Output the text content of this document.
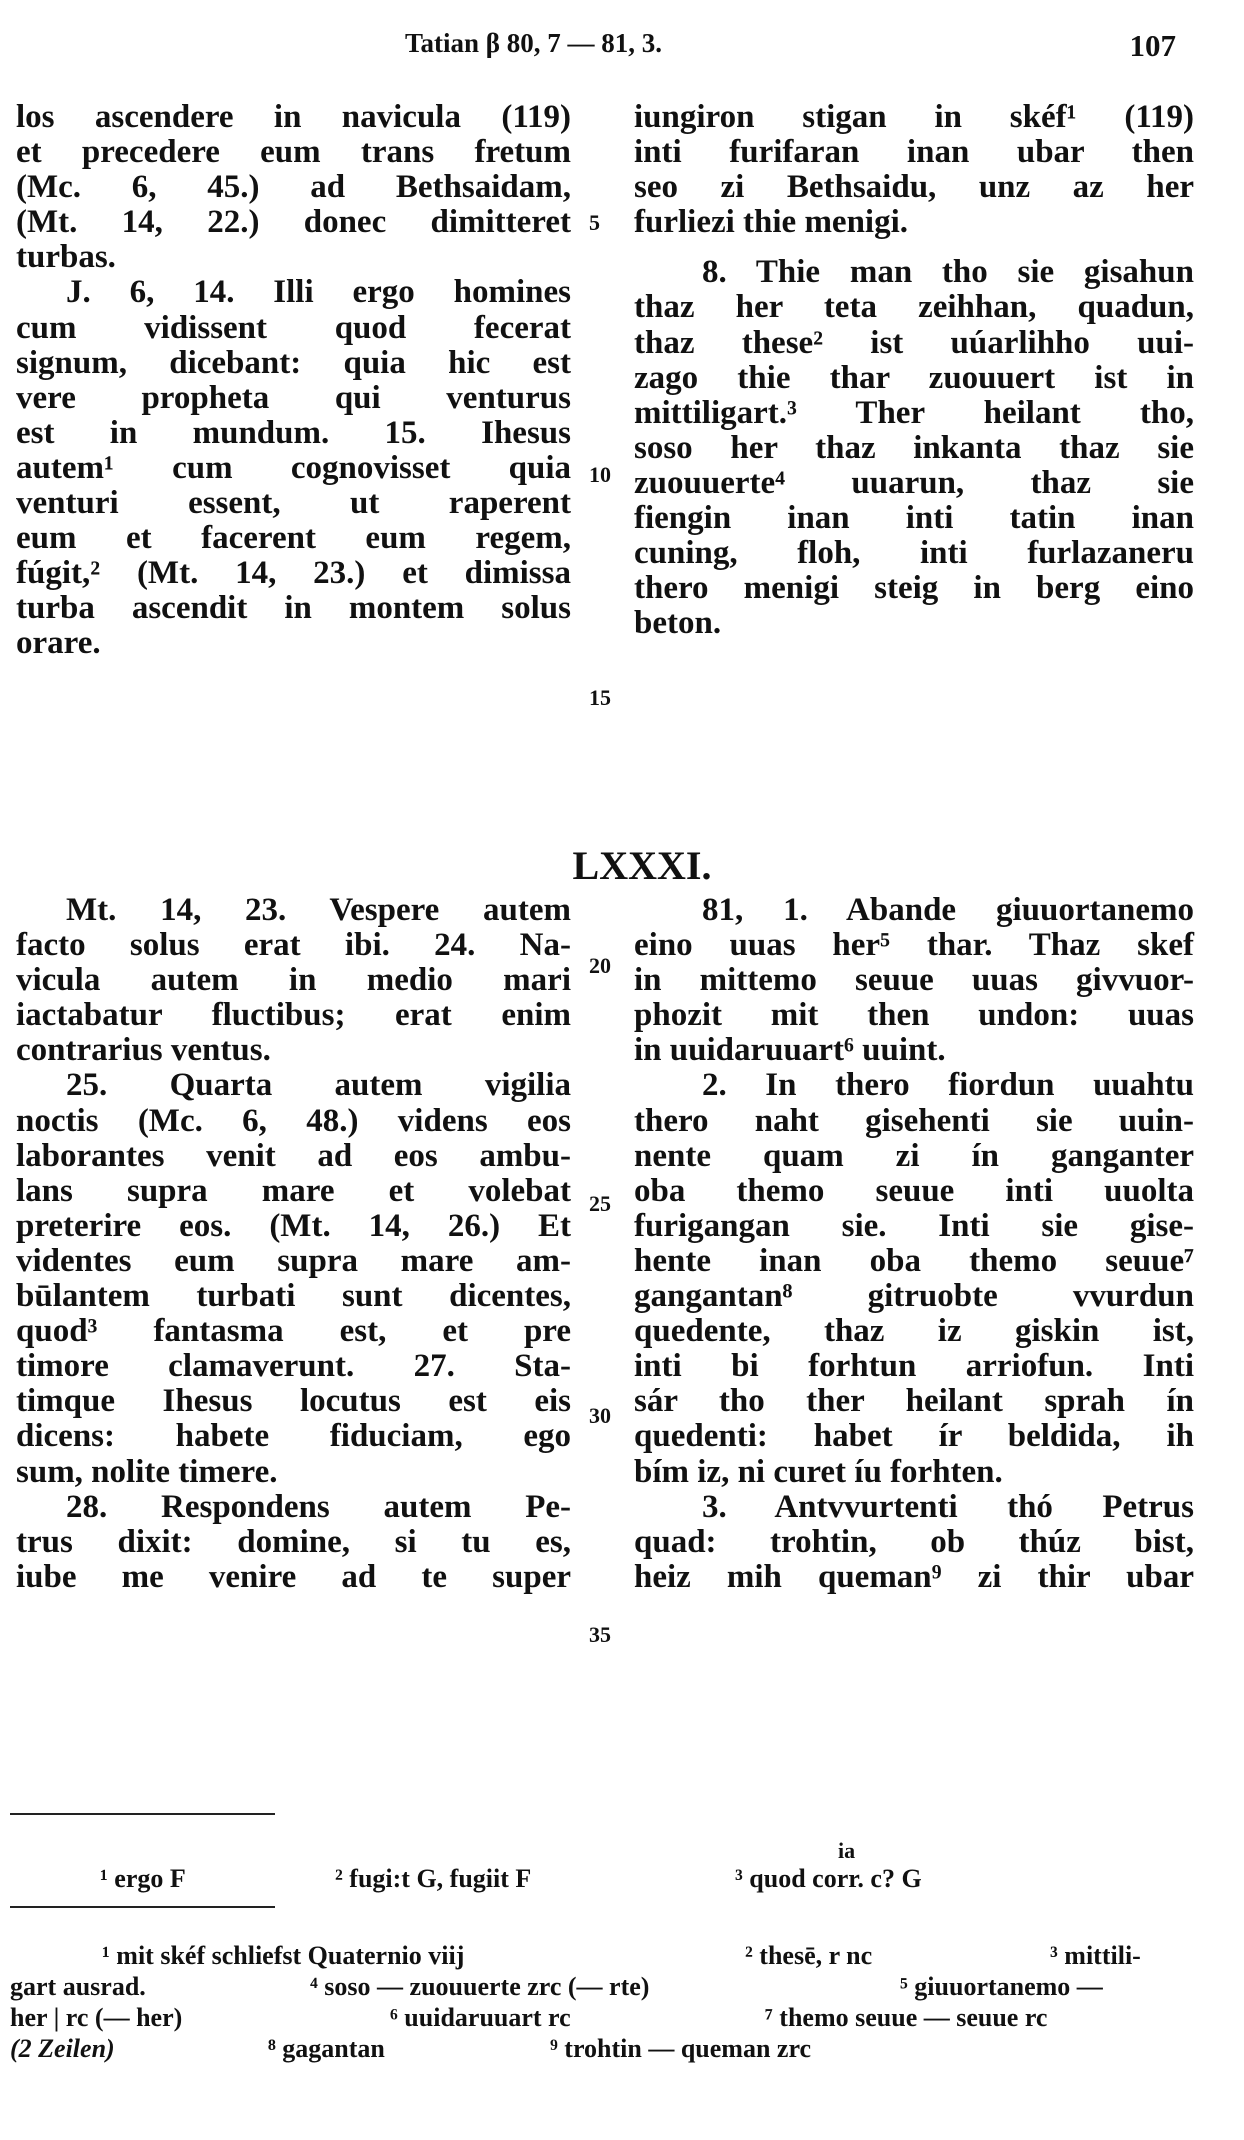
Tatian β 80, 7 — 81, 3.	107
los ascendere in navicula (119)
et precedere eum trans fretum
(Mc. 6, 45.) ad Bethsaidam,
(Mt. 14, 22.) donec dimitteret
turbas.
J. 6, 14. Illi ergo homines
cum vidissent quod fecerat
signum, dicebant: quia hic est
vere propheta qui venturus
est in mundum. 15. Ihesus
autem¹ cum cognovisset quia
venturi essent, ut raperent
eum et facerent eum regem,
fúgit,² (Mt. 14, 23.) et dimissa
turba ascendit in montem solus
orare.
iungiron stigan in skéf¹ (119)
inti furifaran inan ubar then
seo zi Bethsaidu, unz az her
furliezi thie menigi.
8. Thie man tho sie gisahun
thaz her teta zeihhan, quadun,
thaz these² ist uúarlihho uui-
zago thie thar zuouuert ist in
mittiligart.³ Ther heilant tho,
soso her thaz inkanta thaz sie
zuouuerte⁴ uuarun, thaz sie
fiengin inan inti tatin inan
cuning, floh, inti furlazaneru
thero menigi steig in berg eino
beton.
5
10
15
20
25
30
35
LXXXI.
Mt. 14, 23. Vespere autem
facto solus erat ibi. 24. Na-
vicula autem in medio mari
iactabatur fluctibus; erat enim
contrarius ventus.
25. Quarta autem vigilia
noctis (Mc. 6, 48.) videns eos
laborantes venit ad eos ambu-
lans supra mare et volebat
preterire eos. (Mt. 14, 26.) Et
videntes eum supra mare am-
būlantem turbati sunt dicentes,
quod³ fantasma est, et pre
timore clamaverunt. 27. Sta-
timque Ihesus locutus est eis
dicens: habete fiduciam, ego
sum, nolite timere.
28. Respondens autem Pe-
trus dixit: domine, si tu es,
iube me venire ad te super
81, 1. Abande giuuortanemo
eino uuas her⁵ thar. Thaz skef
in mittemo seuue uuas givvuor-
phozit mit then undon: uuas
in uuidaruuart⁶ uuint.
2. In thero fiordun uuahtu
thero naht gisehenti sie uuin-
nente quam zi ín ganganter
oba themo seuue inti uuolta
furigangan sie. Inti sie gise-
hente inan oba themo seuue⁷
gangantan⁸ gitruobte vvurdun
quedente, thaz iz giskin ist,
inti bi forhtun arriofun. Inti
sár tho ther heilant sprah ín
quedenti: habet ír beldida, ih
bím iz, ni curet íu forhten.
3. Antvvurtenti thó Petrus
quad: trohtin, ob thúz bist,
heiz mih queman⁹ zi thir ubar
ia
¹ ergo F	² fugi:t G, fugiit F	³ quod corr. c? G
¹ mit skéf schliefst Quaternio viij	² thesē, r nc	³ mittili-
gart ausrad.	⁴ soso — zuouuerte zrc (— rte)	⁵ giuuortanemo —
her | rc (— her)	⁶ uuidaruuart rc	⁷ themo seuue — seuue rc
(2 Zeilen)	⁸ gagantan	⁹ trohtin — queman zrc
